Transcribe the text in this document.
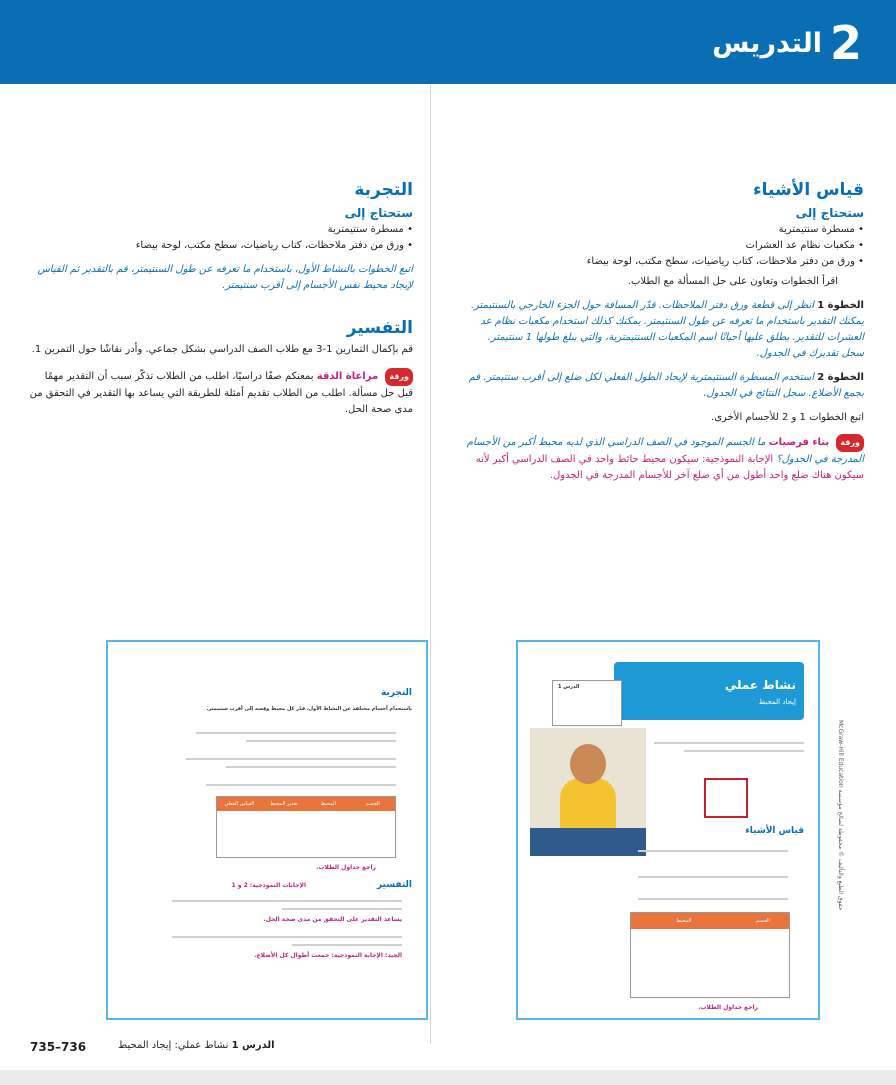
2
التدريس
قياس الأشياء
ستحتاج إلى
• مسطرة سنتيمترية
• مكعبات نظام عد العشرات
• ورق من دفتر ملاحظات، كتاب رياضيات، سطح مكتب، لوحة بيضاء

اقرأ الخطوات وتعاون على حل المسألة مع الطلاب.

الخطوة 1 انظر إلى قطعة ورق دفتر الملاحظات. قدّر المسافة حول الجزء الخارجي بالسنتيمتر. يمكنك التقدير باستخدام ما تعرفه عن طول السنتيمتر. يمكنك كذلك استخدام مكعبات نظام عد العشرات للتقدير. يطلق عليها أحيانًا اسم المكعبات السنتيمترية، والتي يبلغ طولها 1 سنتيمتر. سجل تقديرك في الجدول.

الخطوة 2 استخدم المسطرة السنتيمترية لإيجاد الطول الفعلي لكل ضلع إلى أقرب سنتيمتر. قم بجمع الأضلاع. سجل النتائج في الجدول.

اتبع الخطوات 1 و 2 للأجسام الأخرى.

ورقة بناء فرضيات ما الجسم الموجود في الصف الدراسي الذي لديه محيط أكبر من الأجسام المدرجة في الجدول؟ الإجابة النموذجية: سيكون محيط حائط واحد في الصف الدراسي أكبر لأنه سيكون هناك ضلع واحد أطول من أي ضلع آخر للأجسام المدرجة في الجدول.

التجربة
ستحتاج إلى
• مسطرة سنتيمترية
• ورق من دفتر ملاحظات، كتاب رياضيات، سطح مكتب، لوحة بيضاء

اتبع الخطوات بالنشاط الأول، باستخدام ما تعرفه عن طول السنتيمتر، قم بالتقدير ثم القياس لإيجاد محيط نفس الأجسام إلى أقرب سنتيمتر.

التفسير

قم بإكمال التمارين 1-3 مع طلاب الصف الدراسي بشكل جماعي. وأدر نقاشًا حول التمرين 1.

ورقة مراعاة الدقة بمعنكم صفًا دراسيًا، اطلب من الطلاب تذكّر سبب أن التقدير مهمًا قبل حل مسألة. اطلب من الطلاب تقديم أمثلة للطريقة التي يساعد بها التقدير في التحقق من مدى صحة الحل.

التجربة
باستخدام أجسام مختلفة عن النشاط الأول، قدّر كل محيط وقِسه إلى أقرب سنتيمتر.
الجسم
المحيط
تقدير المحيط
القياس الفعلي
راجع جداول الطلاب.
التفسير
الإجابات النموذجية: 2 و 1
يساعد التقدير على التحقق من مدى صحة الحل.
الجيد: الإجابة النموذجية: جمعت أطوال كل الأضلاع.
نشاط عملي
إيجاد المحيط
الدرس 1
قياس الأشياء
الجسم
المحيط
راجع جداول الطلاب.
McGraw-Hill Education حقوق الطبع والتأليف © محفوظة لصالح مؤسسة
735–736	الدرس 1 نشاط عملي: إيجاد المحيط
